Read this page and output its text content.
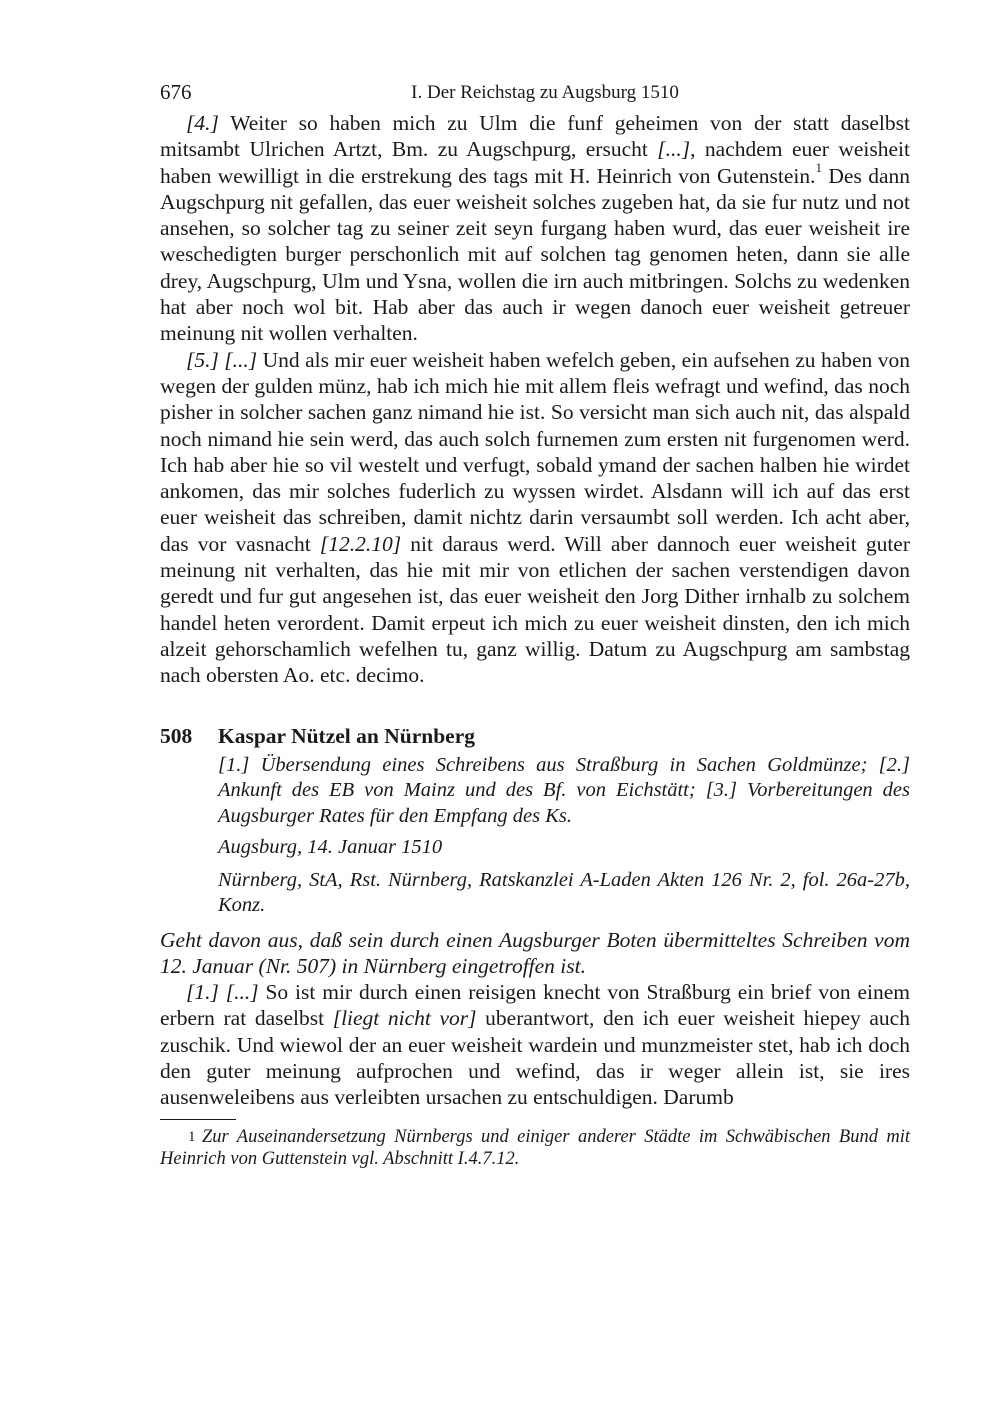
676	I. Der Reichstag zu Augsburg 1510

[4.] Weiter so haben mich zu Ulm die funf geheimen von der statt daselbst mitsambt Ulrichen Artzt, Bm. zu Augschpurg, ersucht [...], nachdem euer weisheit haben wewilligt in die erstrekung des tags mit H. Heinrich von Gutenstein.$^1$ Des dann Augschpurg nit gefallen, das euer weisheit solches zugeben hat, da sie fur nutz und not ansehen, so solcher tag zu seiner zeit seyn furgang haben wurd, das euer weisheit ire weschedigten burger perschonlich mit auf solchen tag genomen heten, dann sie alle drey, Augschpurg, Ulm und Ysna, wollen die irn auch mitbringen. Solchs zu wedenken hat aber noch wol bit. Hab aber das auch ir wegen danoch euer weisheit getreuer meinung nit wollen verhalten.

[5.] [...] Und als mir euer weisheit haben wefelch geben, ein aufsehen zu haben von wegen der gulden münz, hab ich mich hie mit allem fleis wefragt und wefind, das noch pisher in solcher sachen ganz nimand hie ist. So versicht man sich auch nit, das alspald noch nimand hie sein werd, das auch solch furnemen zum ersten nit furgenomen werd. Ich hab aber hie so vil westelt und verfugt, sobald ymand der sachen halben hie wirdet ankomen, das mir solches fuderlich zu wyssen wirdet. Alsdann will ich auf das erst euer weisheit das schreiben, damit nichtz darin versaumbt soll werden. Ich acht aber, das vor vasnacht [12.2.10] nit daraus werd. Will aber dannoch euer weisheit guter meinung nit verhalten, das hie mit mir von etlichen der sachen verstendigen davon geredt und fur gut angesehen ist, das euer weisheit den Jorg Dither irnhalb zu solchem handel heten verordent. Damit erpeut ich mich zu euer weisheit dinsten, den ich mich alzeit gehorschamlich wefelhen tu, ganz willig. Datum zu Augschpurg am sambstag nach obersten Ao. etc. decimo.

508 Kaspar Nützel an Nürnberg
[1.] Übersendung eines Schreibens aus Straßburg in Sachen Goldmünze; [2.] Ankunft des EB von Mainz und des Bf. von Eichstätt; [3.] Vorbereitungen des Augsburger Rates für den Empfang des Ks.
Augsburg, 14. Januar 1510
Nürnberg, StA, Rst. Nürnberg, Ratskanzlei A-Laden Akten 126 Nr. 2, fol. 26a-27b, Konz.

Geht davon aus, daß sein durch einen Augsburger Boten übermitteltes Schreiben vom 12. Januar (Nr. 507) in Nürnberg eingetroffen ist.

[1.] [...] So ist mir durch einen reisigen knecht von Straßburg ein brief von einem erbern rat daselbst [liegt nicht vor] uberantwort, den ich euer weisheit hiepey auch zuschik. Und wiewol der an euer weisheit wardein und munzmeister stet, hab ich doch den guter meinung aufprochen und wefind, das ir weger allein ist, sie ires ausenweleibens aus verleibten ursachen zu entschuldigen. Darumb

1 Zur Auseinandersetzung Nürnbergs und einiger anderer Städte im Schwäbischen Bund mit Heinrich von Guttenstein vgl. Abschnitt I.4.7.12.
